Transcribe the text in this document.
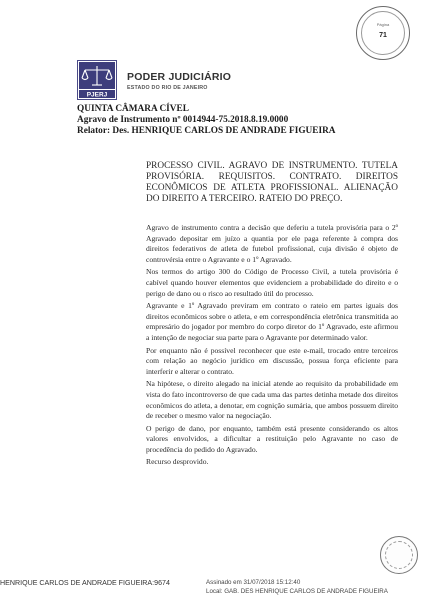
Página
71
PJERJ
PODER JUDICIÁRIO
ESTADO DO RIO DE JANEIRO
QUINTA CÂMARA CÍVEL
Agravo de Instrumento nº 0014944-75.2018.8.19.0000
Relator: Des. HENRIQUE CARLOS DE ANDRADE FIGUEIRA

PROCESSO CIVIL. AGRAVO DE INSTRUMENTO. TUTELA PROVISÓRIA. REQUISITOS. CONTRATO. DIREITOS ECONÔMICOS DE ATLETA PROFISSIONAL. ALIENAÇÃO DO DIREITO A TERCEIRO. RATEIO DO PREÇO.

Agravo de instrumento contra a decisão que deferiu a tutela provisória para o 2º Agravado depositar em juízo a quantia por ele paga referente à compra dos direitos federativos de atleta de futebol profissional, cuja divisão é objeto de controvérsia entre o Agravante e o 1º Agravado.

Nos termos do artigo 300 do Código de Processo Civil, a tutela provisória é cabível quando houver elementos que evidenciem a probabilidade do direito e o perigo de dano ou o risco ao resultado útil do processo.

Agravante e 1º Agravado previram em contrato o rateio em partes iguais dos direitos econômicos sobre o atleta, e em correspondência eletrônica transmitida ao empresário do jogador por membro do corpo diretor do 1º Agravado, este afirmou a intenção de negociar sua parte para o Agravante por determinado valor.

Por enquanto não é possível reconhecer que este e-mail, trocado entre terceiros com relação ao negócio jurídico em discussão, possua força eficiente para interferir e alterar o contrato.

Na hipótese, o direito alegado na inicial atende ao requisito da probabilidade em vista do fato incontroverso de que cada uma das partes detinha metade dos direitos econômicos do atleta, a denotar, em cognição sumária, que ambos possuem direito de receber o mesmo valor na negociação.

O perigo de dano, por enquanto, também está presente considerando os altos valores envolvidos, a dificultar a restituição pelo Agravante no caso de procedência do pedido do Agravado.

Recurso desprovido.

HENRIQUE CARLOS DE ANDRADE FIGUEIRA:9674	Assinado em 31/07/2018 15:12:40
Local: GAB. DES HENRIQUE CARLOS DE ANDRADE FIGUEIRA
